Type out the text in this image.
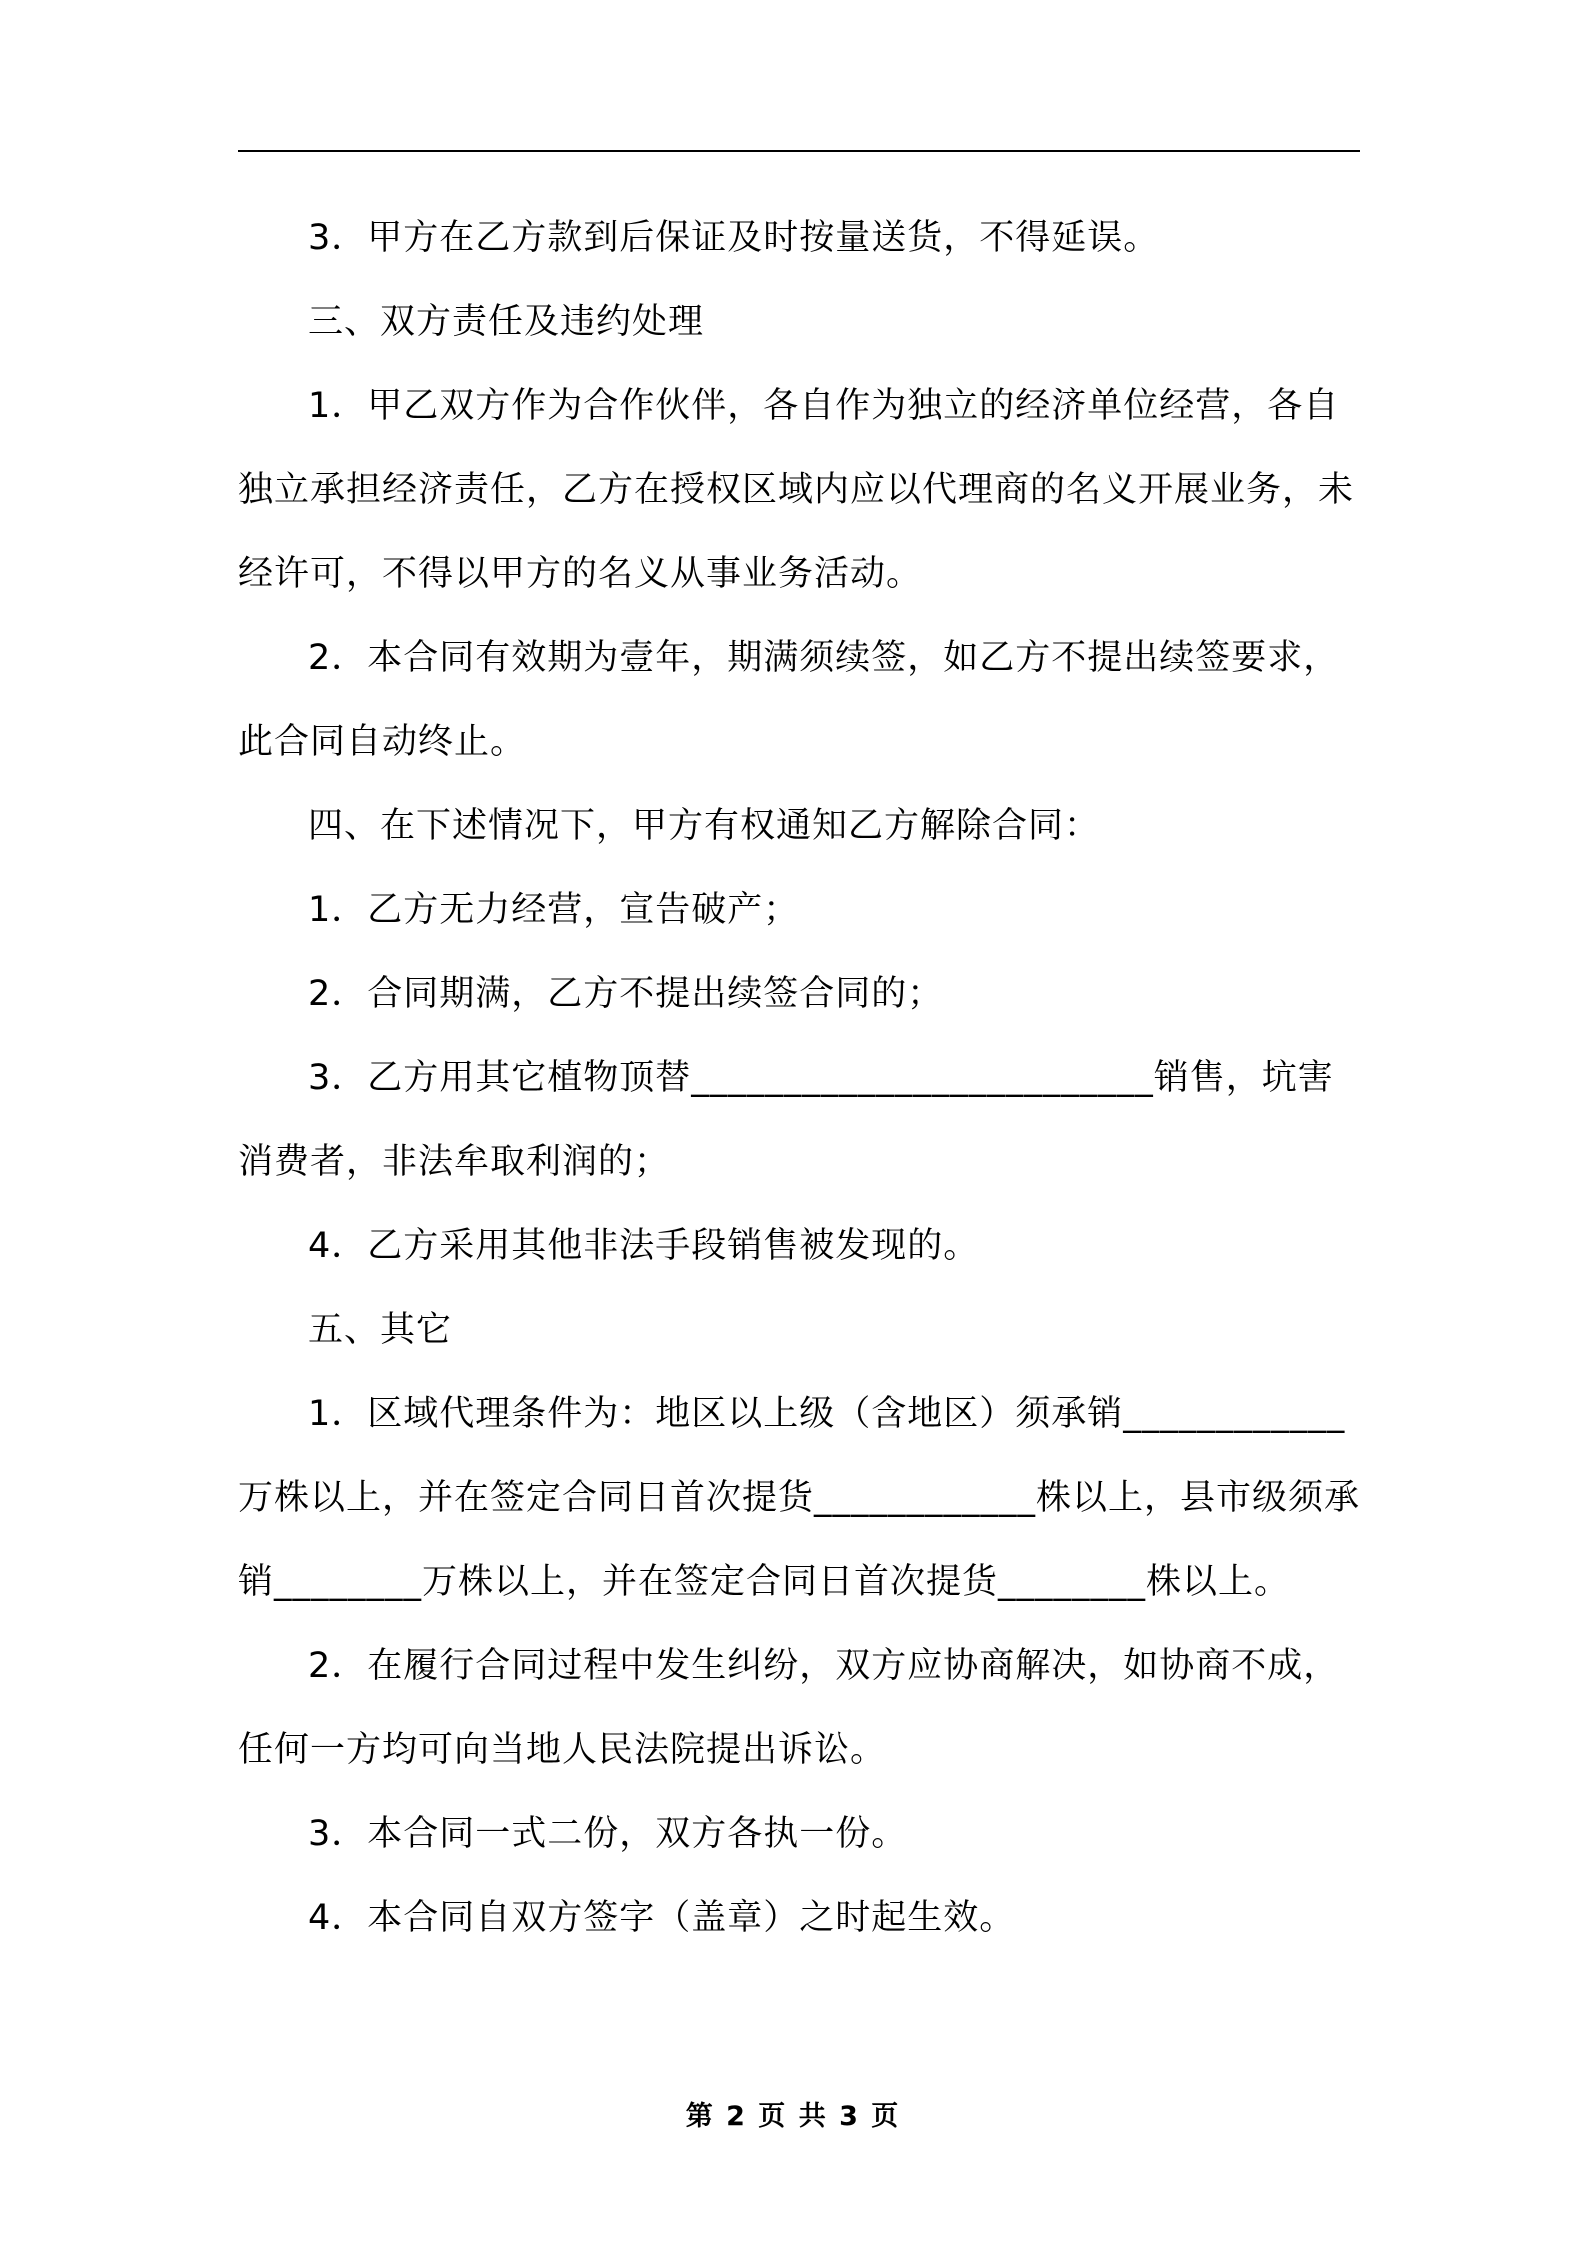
3．甲方在乙方款到后保证及时按量送货，不得延误。

三、双方责任及违约处理

1．甲乙双方作为合作伙伴，各自作为独立的经济单位经营，各自独立承担经济责任，乙方在授权区域内应以代理商的名义开展业务，未经许可，不得以甲方的名义从事业务活动。

2．本合同有效期为壹年，期满须续签，如乙方不提出续签要求，此合同自动终止。

四、在下述情况下，甲方有权通知乙方解除合同：

1．乙方无力经营，宣告破产；

2．合同期满，乙方不提出续签合同的；

3．乙方用其它植物顶替_________________________销售，坑害消费者，非法牟取利润的；

4．乙方采用其他非法手段销售被发现的。

五、其它

1．区域代理条件为：地区以上级（含地区）须承销____________万株以上，并在签定合同日首次提货____________株以上，县市级须承销________万株以上，并在签定合同日首次提货________株以上。

2．在履行合同过程中发生纠纷，双方应协商解决，如协商不成，任何一方均可向当地人民法院提出诉讼。

3．本合同一式二份，双方各执一份。

4．本合同自双方签字（盖章）之时起生效。

第 2 页 共 3 页
